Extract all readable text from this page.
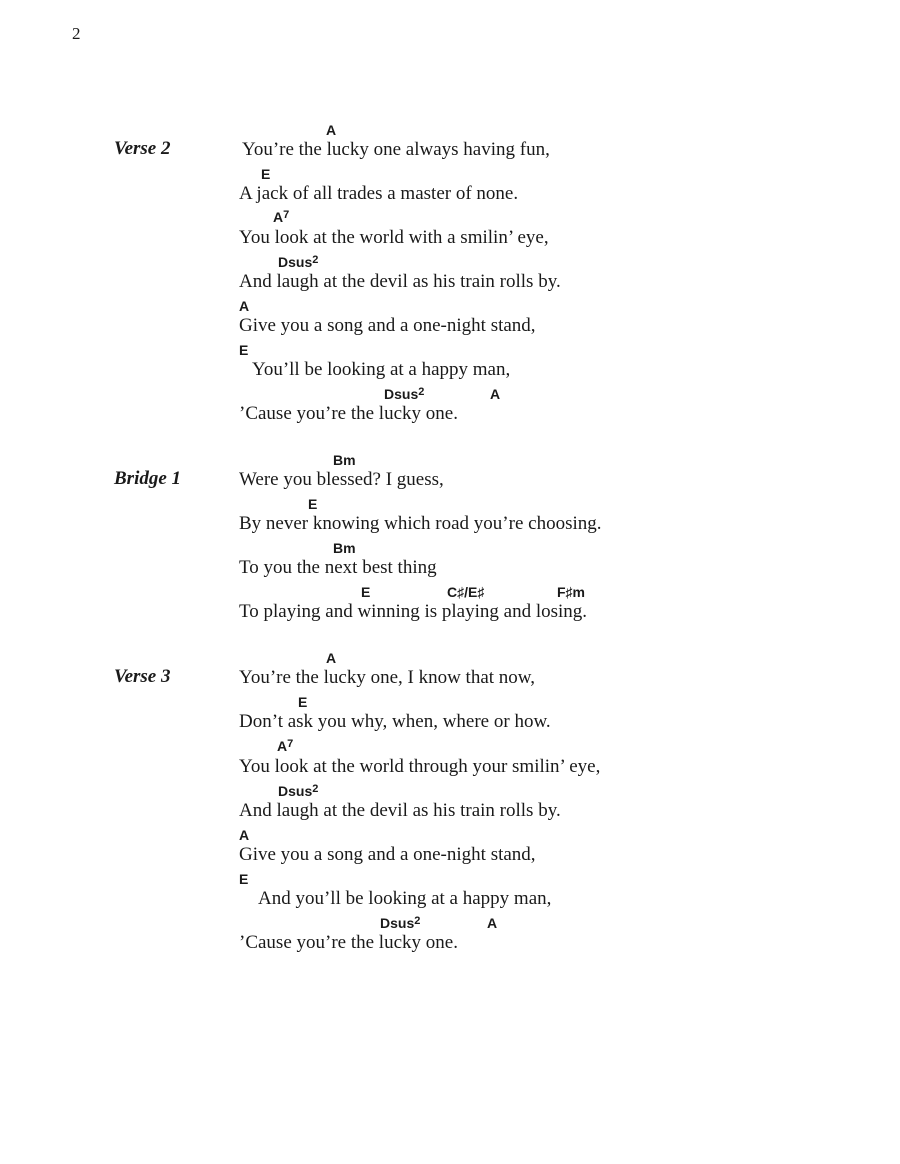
2
Verse 2
A
You’re the lucky one always having fun,
E
A jack of all trades a master of none.
$A^7$
You look at the world with a smilin’ eye,
Dsus$^2$
And laugh at the devil as his train rolls by.
A
Give you a song and a one-night stand,
E
You’ll be looking at a happy man,
Dsus$^2$	A
’Cause you’re the lucky one.
Bridge 1
Bm
Were you blessed? I guess,
E
By never knowing which road you’re choosing.
Bm
To you the next best thing
E	C♯/E♯	F♯m
To playing and winning is playing and losing.
Verse 3
A
You’re the lucky one, I know that now,
E
Don’t ask you why, when, where or how.
$A^7$
You look at the world through your smilin’ eye,
Dsus$^2$
And laugh at the devil as his train rolls by.
A
Give you a song and a one-night stand,
E
And you’ll be looking at a happy man,
Dsus$^2$	A
’Cause you’re the lucky one.
